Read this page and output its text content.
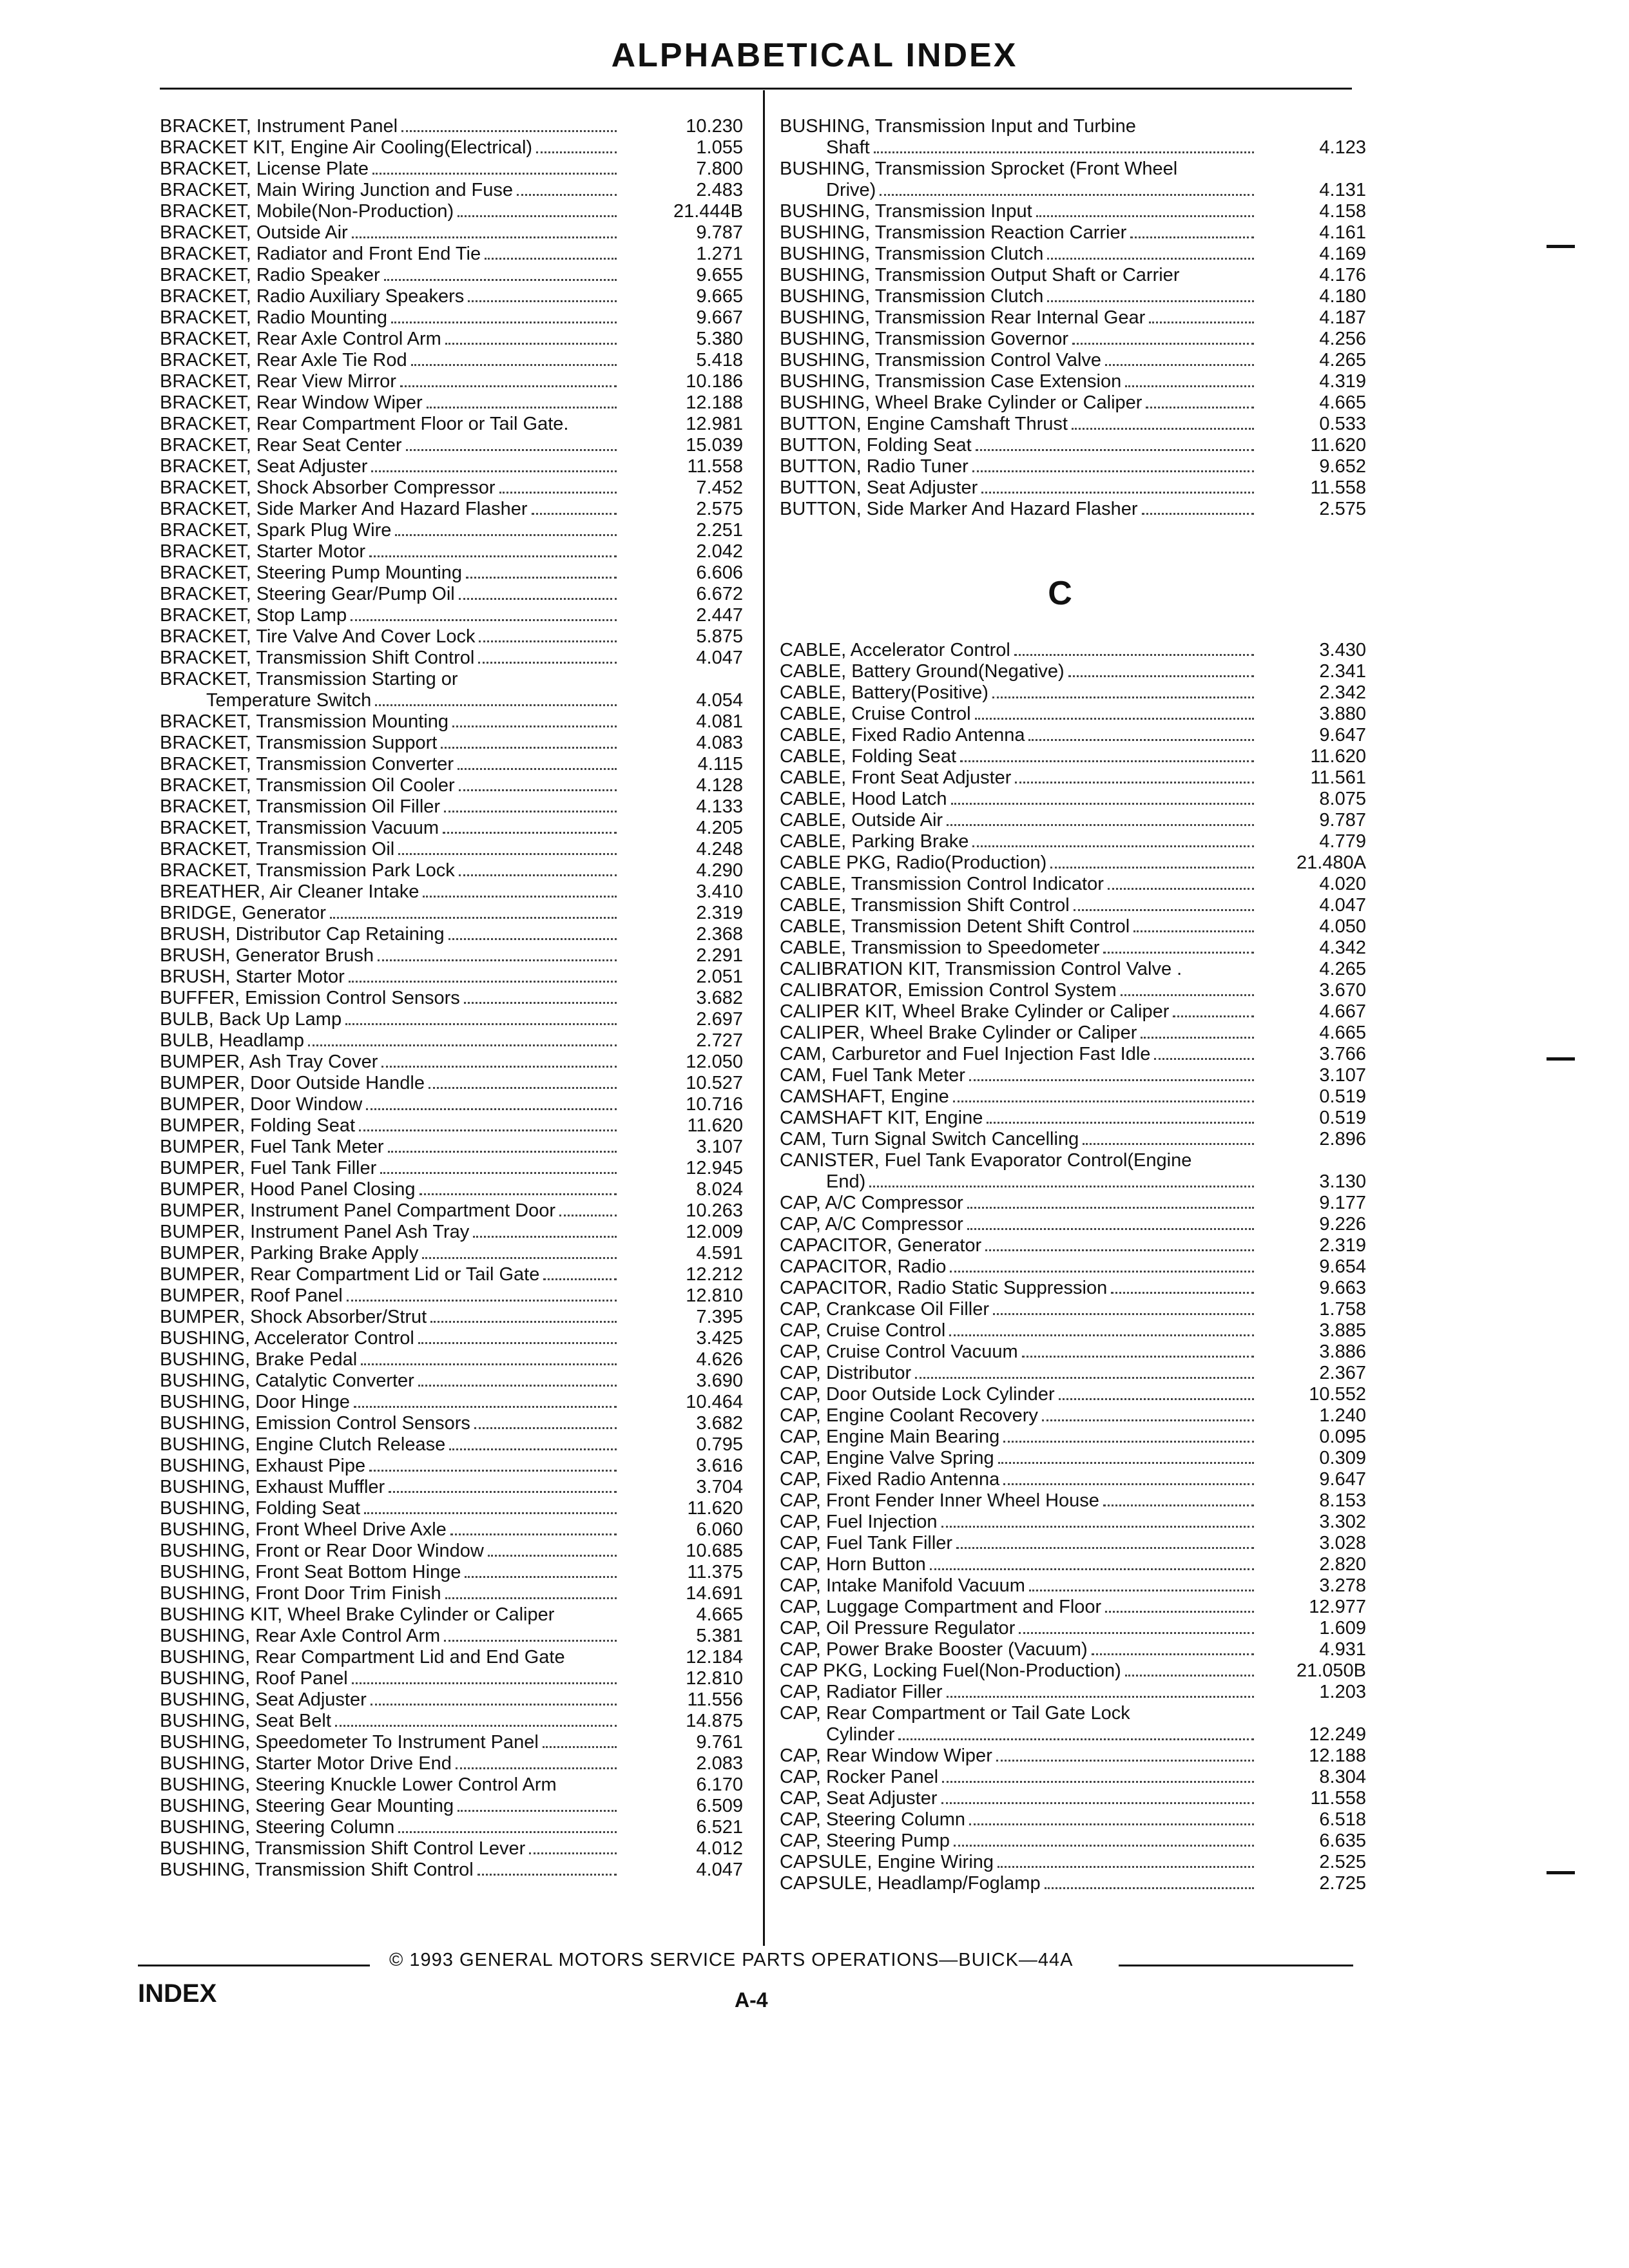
ALPHABETICAL INDEX
BRACKET, Instrument Panel	10.230
BRACKET KIT, Engine Air Cooling(Electrical)	1.055
BRACKET, License Plate	7.800
BRACKET, Main Wiring Junction and Fuse	2.483
BRACKET, Mobile(Non-Production)	21.444B
BRACKET, Outside Air	9.787
BRACKET, Radiator and Front End Tie	1.271
BRACKET, Radio Speaker	9.655
BRACKET, Radio Auxiliary Speakers	9.665
BRACKET, Radio Mounting	9.667
BRACKET, Rear Axle Control Arm	5.380
BRACKET, Rear Axle Tie Rod	5.418
BRACKET, Rear View Mirror	10.186
BRACKET, Rear Window Wiper	12.188
BRACKET, Rear Compartment Floor or Tail Gate.	12.981
BRACKET, Rear Seat Center	15.039
BRACKET, Seat Adjuster	11.558
BRACKET, Shock Absorber Compressor	7.452
BRACKET, Side Marker And Hazard Flasher	2.575
BRACKET, Spark Plug Wire	2.251
BRACKET, Starter Motor	2.042
BRACKET, Steering Pump Mounting	6.606
BRACKET, Steering Gear/Pump Oil	6.672
BRACKET, Stop Lamp	2.447
BRACKET, Tire Valve And Cover Lock	5.875
BRACKET, Transmission Shift Control	4.047
BRACKET, Transmission Starting or
Temperature Switch	4.054
BRACKET, Transmission Mounting	4.081
BRACKET, Transmission Support	4.083
BRACKET, Transmission Converter	4.115
BRACKET, Transmission Oil Cooler	4.128
BRACKET, Transmission Oil Filler	4.133
BRACKET, Transmission Vacuum	4.205
BRACKET, Transmission Oil	4.248
BRACKET, Transmission Park Lock	4.290
BREATHER, Air Cleaner Intake	3.410
BRIDGE, Generator	2.319
BRUSH, Distributor Cap Retaining	2.368
BRUSH, Generator Brush	2.291
BRUSH, Starter Motor	2.051
BUFFER, Emission Control Sensors	3.682
BULB, Back Up Lamp	2.697
BULB, Headlamp	2.727
BUMPER, Ash Tray Cover	12.050
BUMPER, Door Outside Handle	10.527
BUMPER, Door Window	10.716
BUMPER, Folding Seat	11.620
BUMPER, Fuel Tank Meter	3.107
BUMPER, Fuel Tank Filler	12.945
BUMPER, Hood Panel Closing	8.024
BUMPER, Instrument Panel Compartment Door	10.263
BUMPER, Instrument Panel Ash Tray	12.009
BUMPER, Parking Brake Apply	4.591
BUMPER, Rear Compartment Lid or Tail Gate	12.212
BUMPER, Roof Panel	12.810
BUMPER, Shock Absorber/Strut	7.395
BUSHING, Accelerator Control	3.425
BUSHING, Brake Pedal	4.626
BUSHING, Catalytic Converter	3.690
BUSHING, Door Hinge	10.464
BUSHING, Emission Control Sensors	3.682
BUSHING, Engine Clutch Release	0.795
BUSHING, Exhaust Pipe	3.616
BUSHING, Exhaust Muffler	3.704
BUSHING, Folding Seat	11.620
BUSHING, Front Wheel Drive Axle	6.060
BUSHING, Front or Rear Door Window	10.685
BUSHING, Front Seat Bottom Hinge	11.375
BUSHING, Front Door Trim Finish	14.691
BUSHING KIT, Wheel Brake Cylinder or Caliper	4.665
BUSHING, Rear Axle Control Arm	5.381
BUSHING, Rear Compartment Lid and End Gate	12.184
BUSHING, Roof Panel	12.810
BUSHING, Seat Adjuster	11.556
BUSHING, Seat Belt	14.875
BUSHING, Speedometer To Instrument Panel	9.761
BUSHING, Starter Motor Drive End	2.083
BUSHING, Steering Knuckle Lower Control Arm	6.170
BUSHING, Steering Gear Mounting	6.509
BUSHING, Steering Column	6.521
BUSHING, Transmission Shift Control Lever	4.012
BUSHING, Transmission Shift Control	4.047
BUSHING, Transmission Input and Turbine
Shaft	4.123
BUSHING, Transmission Sprocket (Front Wheel
Drive)	4.131
BUSHING, Transmission Input	4.158
BUSHING, Transmission Reaction Carrier	4.161
BUSHING, Transmission Clutch	4.169
BUSHING, Transmission Output Shaft or Carrier	4.176
BUSHING, Transmission Clutch	4.180
BUSHING, Transmission Rear Internal Gear	4.187
BUSHING, Transmission Governor	4.256
BUSHING, Transmission Control Valve	4.265
BUSHING, Transmission Case Extension	4.319
BUSHING, Wheel Brake Cylinder or Caliper	4.665
BUTTON, Engine Camshaft Thrust	0.533
BUTTON, Folding Seat	11.620
BUTTON, Radio Tuner	9.652
BUTTON, Seat Adjuster	11.558
BUTTON, Side Marker And Hazard Flasher	2.575
C
CABLE, Accelerator Control	3.430
CABLE, Battery Ground(Negative)	2.341
CABLE, Battery(Positive)	2.342
CABLE, Cruise Control	3.880
CABLE, Fixed Radio Antenna	9.647
CABLE, Folding Seat	11.620
CABLE, Front Seat Adjuster	11.561
CABLE, Hood Latch	8.075
CABLE, Outside Air	9.787
CABLE, Parking Brake	4.779
CABLE PKG, Radio(Production)	21.480A
CABLE, Transmission Control Indicator	4.020
CABLE, Transmission Shift Control	4.047
CABLE, Transmission Detent Shift Control	4.050
CABLE, Transmission to Speedometer	4.342
CALIBRATION KIT, Transmission Control Valve .	4.265
CALIBRATOR, Emission Control System	3.670
CALIPER KIT, Wheel Brake Cylinder or Caliper	4.667
CALIPER, Wheel Brake Cylinder or Caliper	4.665
CAM, Carburetor and Fuel Injection Fast Idle	3.766
CAM, Fuel Tank Meter	3.107
CAMSHAFT, Engine	0.519
CAMSHAFT KIT, Engine	0.519
CAM, Turn Signal Switch Cancelling	2.896
CANISTER, Fuel Tank Evaporator Control(Engine
End)	3.130
CAP, A/C Compressor	9.177
CAP, A/C Compressor	9.226
CAPACITOR, Generator	2.319
CAPACITOR, Radio	9.654
CAPACITOR, Radio Static Suppression	9.663
CAP, Crankcase Oil Filler	1.758
CAP, Cruise Control	3.885
CAP, Cruise Control Vacuum	3.886
CAP, Distributor	2.367
CAP, Door Outside Lock Cylinder	10.552
CAP, Engine Coolant Recovery	1.240
CAP, Engine Main Bearing	0.095
CAP, Engine Valve Spring	0.309
CAP, Fixed Radio Antenna	9.647
CAP, Front Fender Inner Wheel House	8.153
CAP, Fuel Injection	3.302
CAP, Fuel Tank Filler	3.028
CAP, Horn Button	2.820
CAP, Intake Manifold Vacuum	3.278
CAP, Luggage Compartment and Floor	12.977
CAP, Oil Pressure Regulator	1.609
CAP, Power Brake Booster (Vacuum)	4.931
CAP PKG, Locking Fuel(Non-Production)	21.050B
CAP, Radiator Filler	1.203
CAP, Rear Compartment or Tail Gate Lock
Cylinder	12.249
CAP, Rear Window Wiper	12.188
CAP, Rocker Panel	8.304
CAP, Seat Adjuster	11.558
CAP, Steering Column	6.518
CAP, Steering Pump	6.635
CAPSULE, Engine Wiring	2.525
CAPSULE, Headlamp/Foglamp	2.725
© 1993 GENERAL MOTORS SERVICE PARTS OPERATIONS—BUICK—44A
INDEX	A-4
